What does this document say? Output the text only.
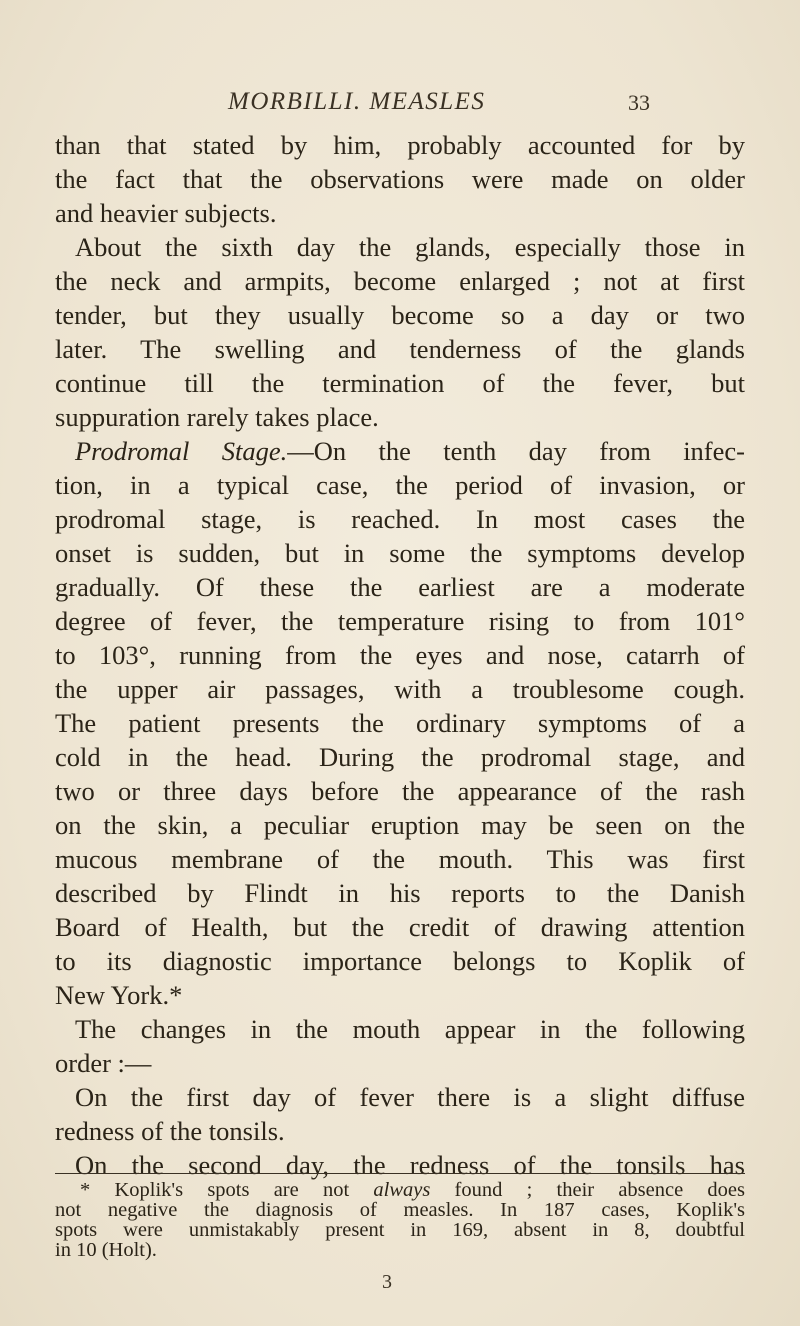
MORBILLI. MEASLES	33
than that stated by him, probably accounted for by
the fact that the observations were made on older
and heavier subjects.
About the sixth day the glands, especially those in
the neck and armpits, become enlarged ; not at first
tender, but they usually become so a day or two
later. The swelling and tenderness of the glands
continue till the termination of the fever, but
suppuration rarely takes place.
Prodromal Stage.—On the tenth day from infec-
tion, in a typical case, the period of invasion, or
prodromal stage, is reached. In most cases the
onset is sudden, but in some the symptoms develop
gradually. Of these the earliest are a moderate
degree of fever, the temperature rising to from 101°
to 103°, running from the eyes and nose, catarrh of
the upper air passages, with a troublesome cough.
The patient presents the ordinary symptoms of a
cold in the head. During the prodromal stage, and
two or three days before the appearance of the rash
on the skin, a peculiar eruption may be seen on the
mucous membrane of the mouth. This was first
described by Flindt in his reports to the Danish
Board of Health, but the credit of drawing attention
to its diagnostic importance belongs to Koplik of
New York.*
The changes in the mouth appear in the following
order :—
On the first day of fever there is a slight diffuse
redness of the tonsils.
On the second day, the redness of the tonsils has
* Koplik's spots are not always found ; their absence does
not negative the diagnosis of measles. In 187 cases, Koplik's
spots were unmistakably present in 169, absent in 8, doubtful
in 10 (Holt).
3
